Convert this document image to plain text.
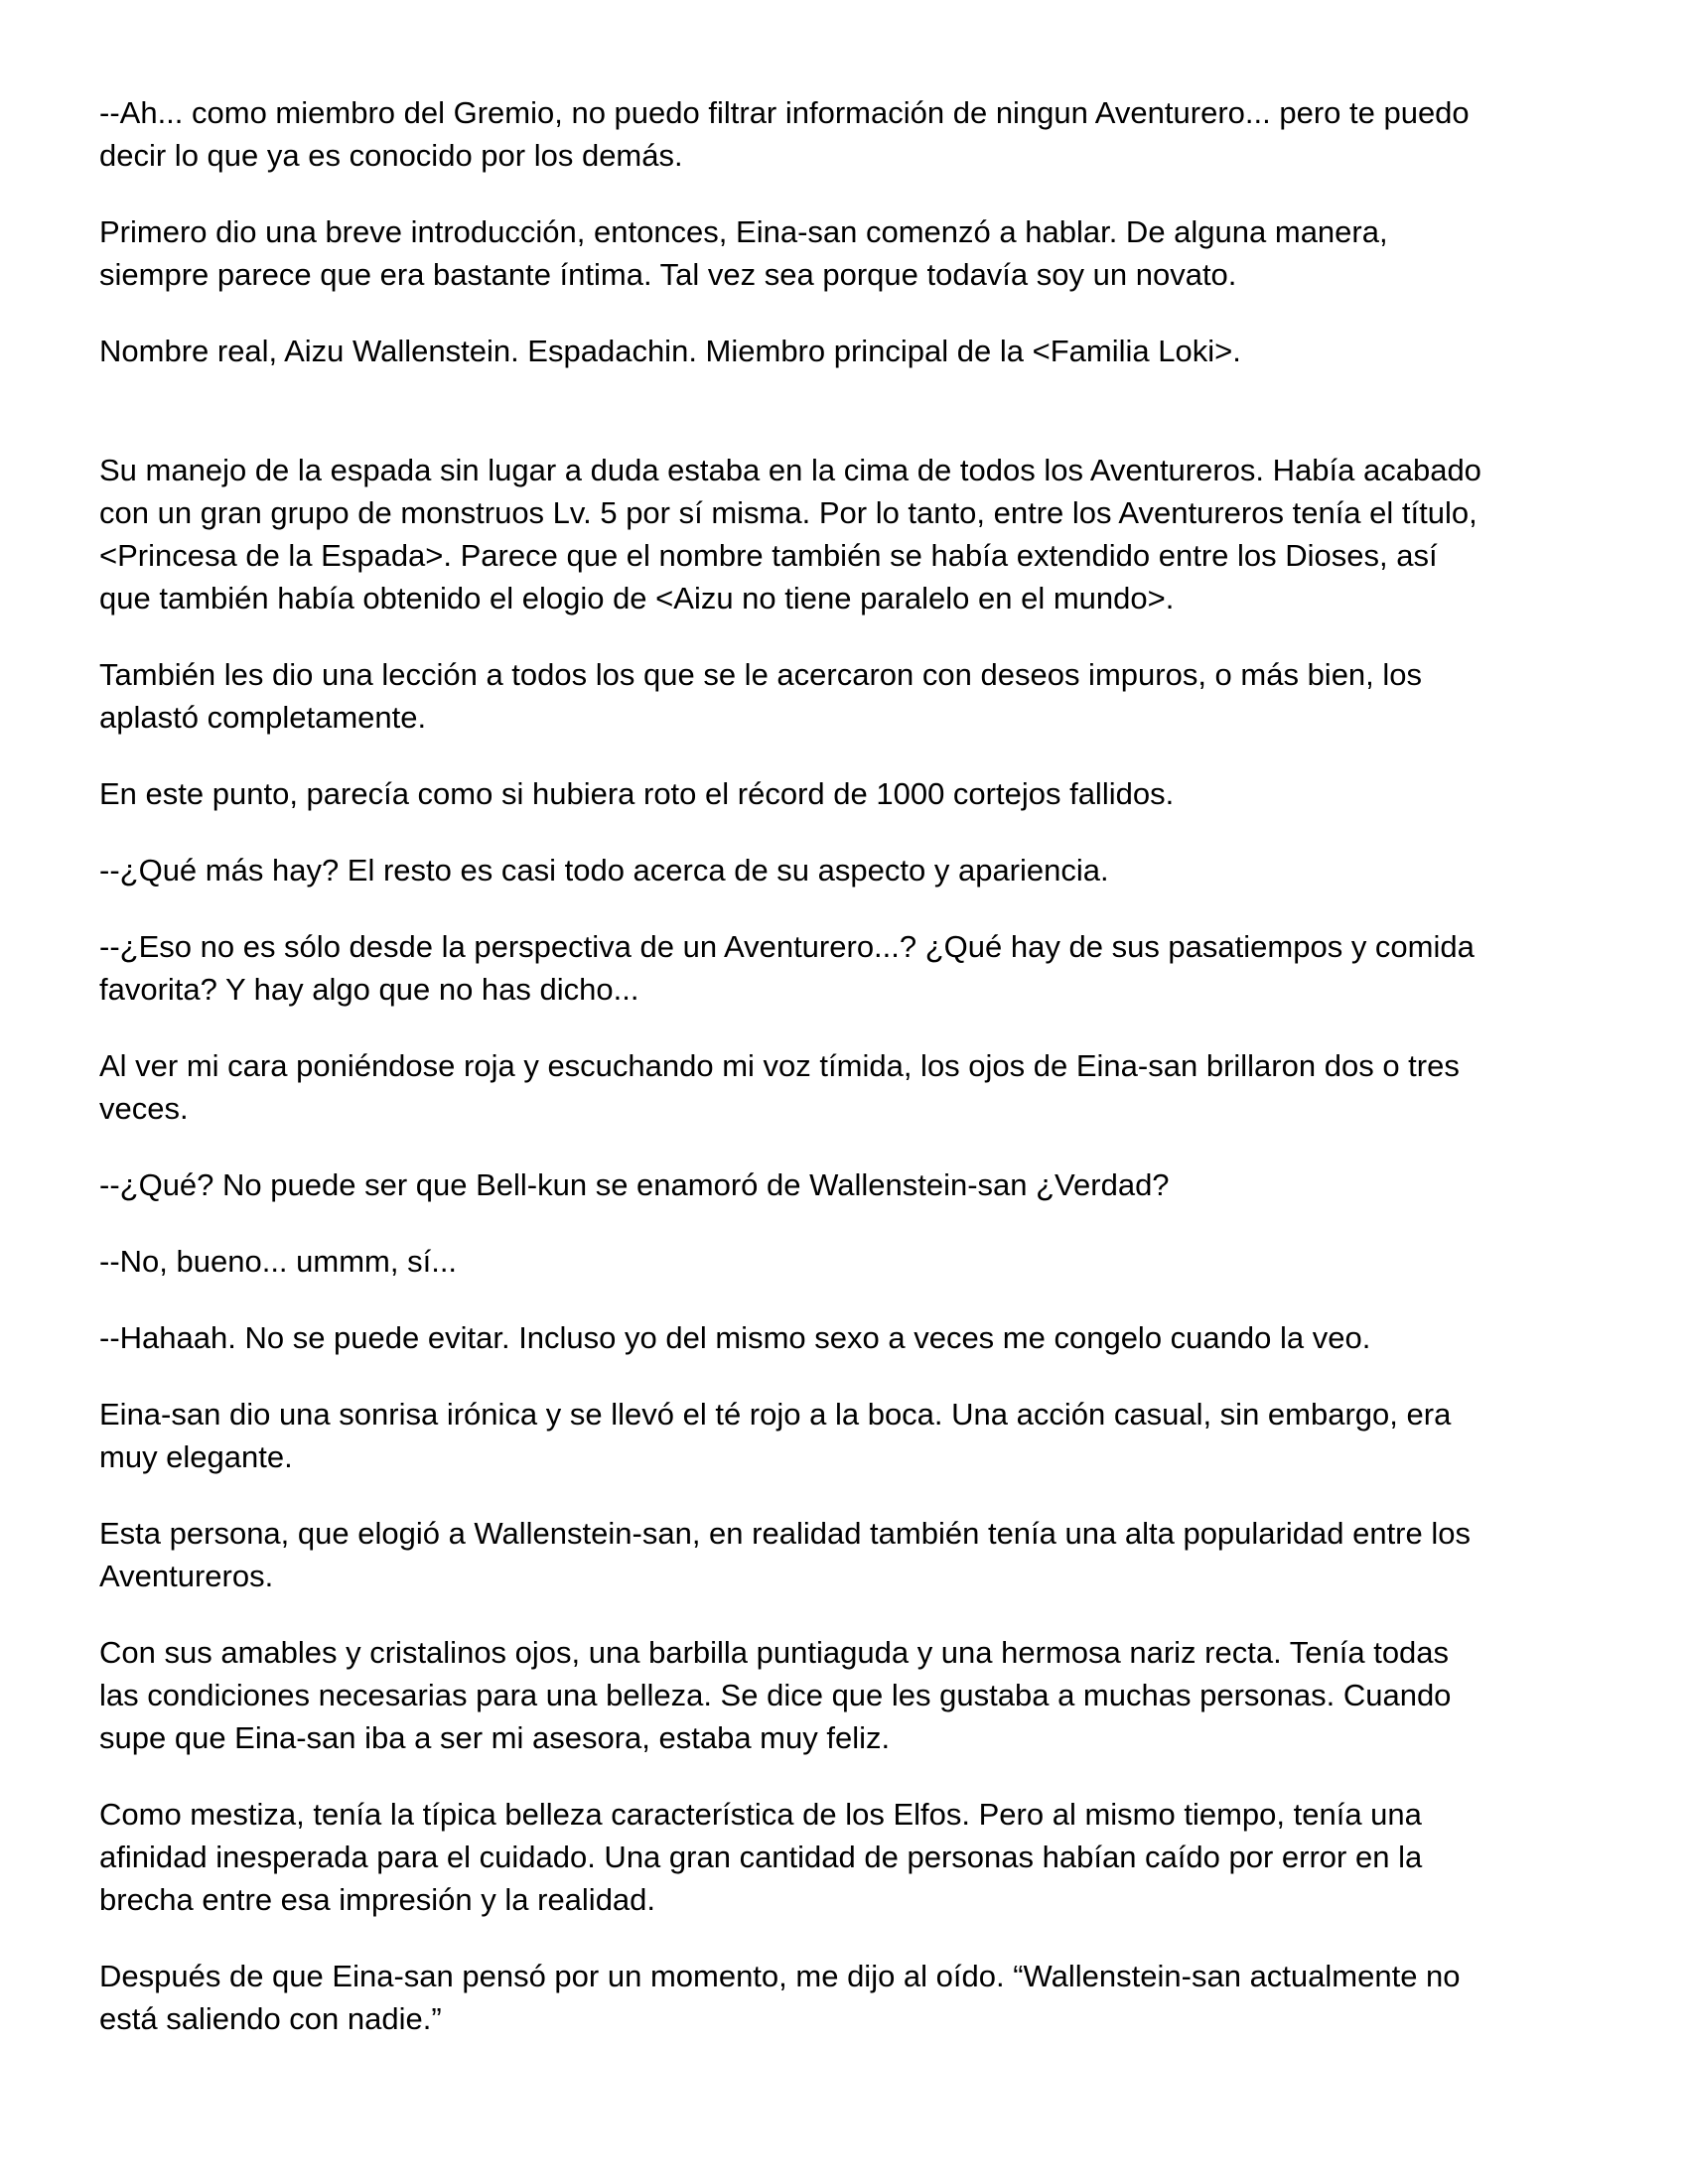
--Ah... como miembro del Gremio, no puedo filtrar información de ningun Aventurero... pero te puedo
decir lo que ya es conocido por los demás.

Primero dio una breve introducción, entonces, Eina-san comenzó a hablar. De alguna manera,
siempre parece que era bastante íntima. Tal vez sea porque todavía soy un novato.

Nombre real, Aizu Wallenstein. Espadachin. Miembro principal de la <Familia Loki>.

Su manejo de la espada sin lugar a duda estaba en la cima de todos los Aventureros. Había acabado
con un gran grupo de monstruos Lv. 5 por sí misma. Por lo tanto, entre los Aventureros tenía el título,
<Princesa de la Espada>. Parece que el nombre también se había extendido entre los Dioses, así
que también había obtenido el elogio de <Aizu no tiene paralelo en el mundo>.

También les dio una lección a todos los que se le acercaron con deseos impuros, o más bien, los
aplastó completamente.

En este punto, parecía como si hubiera roto el récord de 1000 cortejos fallidos.

--¿Qué más hay? El resto es casi todo acerca de su aspecto y apariencia.

--¿Eso no es sólo desde la perspectiva de un Aventurero...? ¿Qué hay de sus pasatiempos y comida
favorita? Y hay algo que no has dicho...

Al ver mi cara poniéndose roja y escuchando mi voz tímida, los ojos de Eina-san brillaron dos o tres
veces.

--¿Qué? No puede ser que Bell-kun se enamoró de Wallenstein-san ¿Verdad?

--No, bueno... ummm, sí...

--Hahaah. No se puede evitar. Incluso yo del mismo sexo a veces me congelo cuando la veo.

Eina-san dio una sonrisa irónica y se llevó el té rojo a la boca. Una acción casual, sin embargo, era
muy elegante.

Esta persona, que elogió a Wallenstein-san, en realidad también tenía una alta popularidad entre los
Aventureros.

Con sus amables y cristalinos ojos, una barbilla puntiaguda y una hermosa nariz recta. Tenía todas
las condiciones necesarias para una belleza. Se dice que les gustaba a muchas personas. Cuando
supe que Eina-san iba a ser mi asesora, estaba muy feliz.

Como mestiza, tenía la típica belleza característica de los Elfos. Pero al mismo tiempo, tenía una
afinidad inesperada para el cuidado. Una gran cantidad de personas habían caído por error en la
brecha entre esa impresión y la realidad.

Después de que Eina-san pensó por un momento, me dijo al oído. “Wallenstein-san actualmente no
está saliendo con nadie.”
